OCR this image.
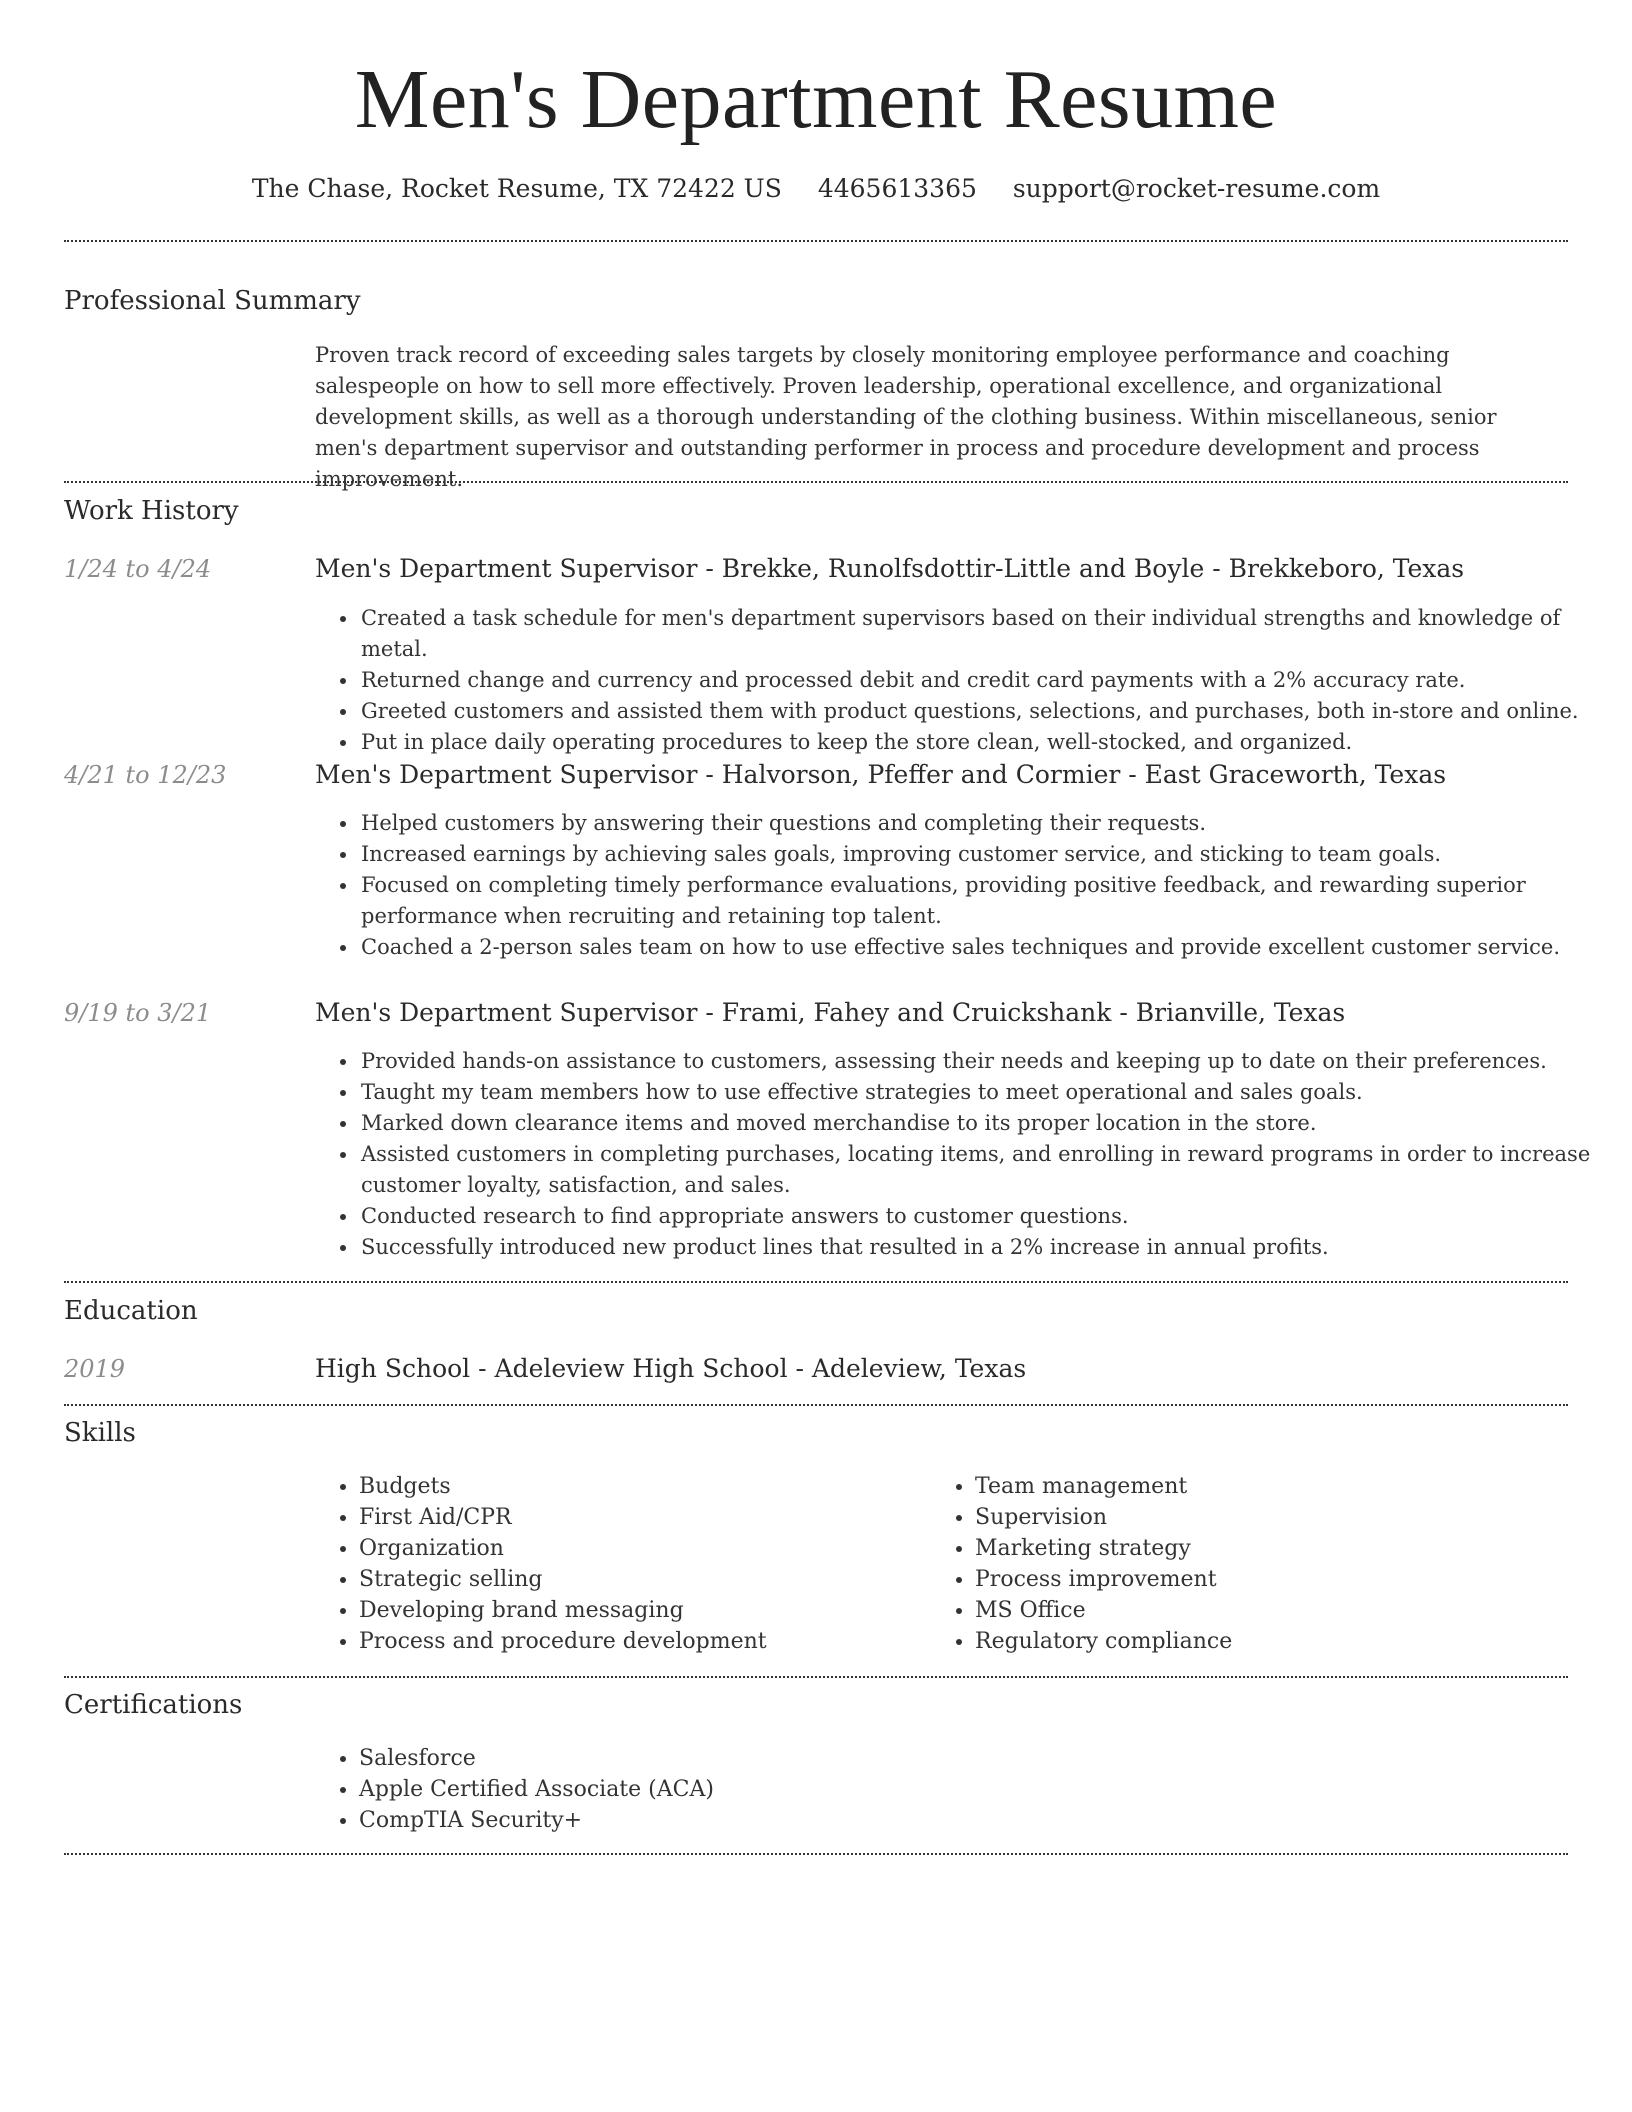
Men's Department Resume
The Chase, Rocket Resume, TX 72422 US 4465613365 support@rocket-resume.com
Professional Summary

Proven track record of exceeding sales targets by closely monitoring employee performance and coaching salespeople on how to sell more effectively. Proven leadership, operational excellence, and organizational development skills, as well as a thorough understanding of the clothing business. Within miscellaneous, senior men's department supervisor and outstanding performer in process and procedure development and process improvement.

Work History
1/24 to 4/24	Men's Department Supervisor - Brekke, Runolfsdottir-Little and Boyle - Brekkeboro, Texas
• Created a task schedule for men's department supervisors based on their individual strengths and knowledge of metal.
• Returned change and currency and processed debit and credit card payments with a 2% accuracy rate.
• Greeted customers and assisted them with product questions, selections, and purchases, both in-store and online.
• Put in place daily operating procedures to keep the store clean, well-stocked, and organized.
4/21 to 12/23	Men's Department Supervisor - Halvorson, Pfeffer and Cormier - East Graceworth, Texas
• Helped customers by answering their questions and completing their requests.
• Increased earnings by achieving sales goals, improving customer service, and sticking to team goals.
• Focused on completing timely performance evaluations, providing positive feedback, and rewarding superior performance when recruiting and retaining top talent.
• Coached a 2-person sales team on how to use effective sales techniques and provide excellent customer service.
9/19 to 3/21	Men's Department Supervisor - Frami, Fahey and Cruickshank - Brianville, Texas
• Provided hands-on assistance to customers, assessing their needs and keeping up to date on their preferences.
• Taught my team members how to use effective strategies to meet operational and sales goals.
• Marked down clearance items and moved merchandise to its proper location in the store.
• Assisted customers in completing purchases, locating items, and enrolling in reward programs in order to increase customer loyalty, satisfaction, and sales.
• Conducted research to find appropriate answers to customer questions.
• Successfully introduced new product lines that resulted in a 2% increase in annual profits.
Education
2019	High School - Adeleview High School - Adeleview, Texas
Skills
• Budgets
• First Aid/CPR
• Organization
• Strategic selling
• Developing brand messaging
• Process and procedure development
• Team management
• Supervision
• Marketing strategy
• Process improvement
• MS Office
• Regulatory compliance
Certifications
• Salesforce
• Apple Certified Associate (ACA)
• CompTIA Security+
